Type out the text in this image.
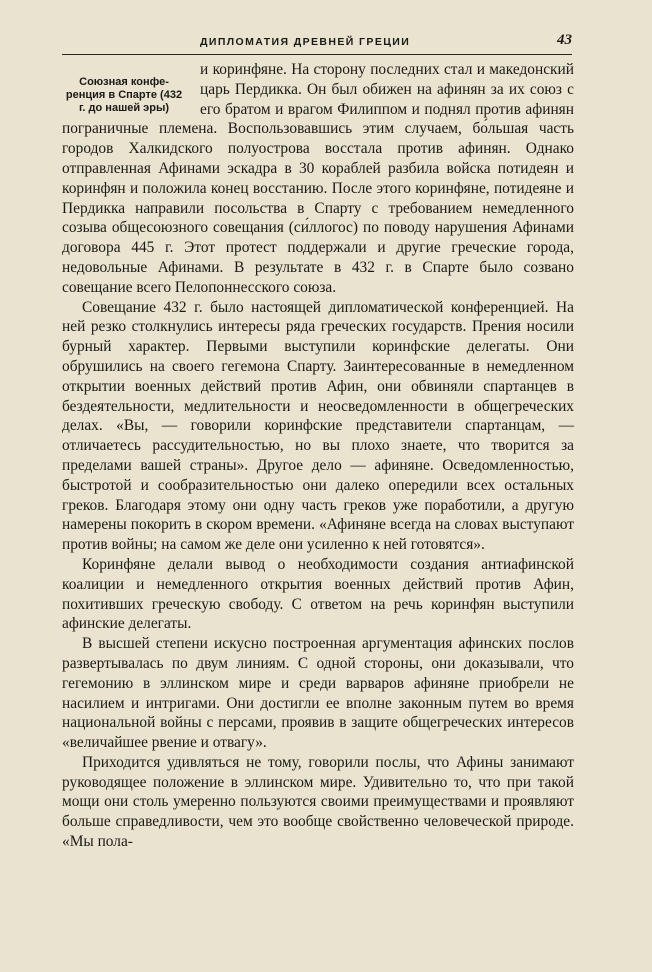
ДИПЛОМАТИЯ ДРЕВНЕЙ ГРЕЦИИ	43
Союзная конфе- ренция в Спарте (432 г. до нашей эры)

и коринфяне. На сторону последних стал и македонский царь Пердикка. Он был обижен на афинян за их союз с его братом и врагом Филиппом и поднял против афинян пограничные племена. Воспользовавшись этим случаем, бо́льшая часть городов Халкидского полуострова восстала против афинян. Однако отправленная Афинами эскадра в 30 кораблей разбила войска потидеян и коринфян и положила конец восстанию. После этого коринфяне, потидеяне и Пердикка направили посольства в Спарту с требованием немедленного созыва общесоюзного совещания (си́ллогос) по поводу нарушения Афинами договора 445 г. Этот протест поддержали и другие греческие города, недовольные Афинами. В результате в 432 г. в Спарте было созвано совещание всего Пелопоннесского союза.

Совещание 432 г. было настоящей дипломатической конференцией. На ней резко столкнулись интересы ряда греческих государств. Прения носили бурный характер. Первыми выступили коринфские делегаты. Они обрушились на своего гегемона Спарту. Заинтересованные в немедленном открытии военных действий против Афин, они обвиняли спартанцев в бездеятельности, медлительности и неосведомленности в общегреческих делах. «Вы, — говорили коринфские представители спартанцам, — отличаетесь рассудительностью, но вы плохо знаете, что творится за пределами вашей страны». Другое дело — афиняне. Осведомленностью, быстротой и сообразительностью они далеко опередили всех остальных греков. Благодаря этому они одну часть греков уже поработили, а другую намерены покорить в скором времени. «Афиняне всегда на словах выступают против войны; на самом же деле они усиленно к ней готовятся».

Коринфяне делали вывод о необходимости создания антиафинской коалиции и немедленного открытия военных действий против Афин, похитивших греческую свободу. С ответом на речь коринфян выступили афинские делегаты.

В высшей степени искусно построенная аргументация афинских послов развертывалась по двум линиям. С одной стороны, они доказывали, что гегемонию в эллинском мире и среди варваров афиняне приобрели не насилием и интригами. Они достигли ее вполне законным путем во время национальной войны с персами, проявив в защите общегреческих интересов «величайшее рвение и отвагу».

Приходится удивляться не тому, говорили послы, что Афины занимают руководящее положение в эллинском мире. Удивительно то, что при такой мощи они столь умеренно пользуются своими преимуществами и проявляют больше справедливости, чем это вообще свойственно человеческой природе. «Мы пола-
